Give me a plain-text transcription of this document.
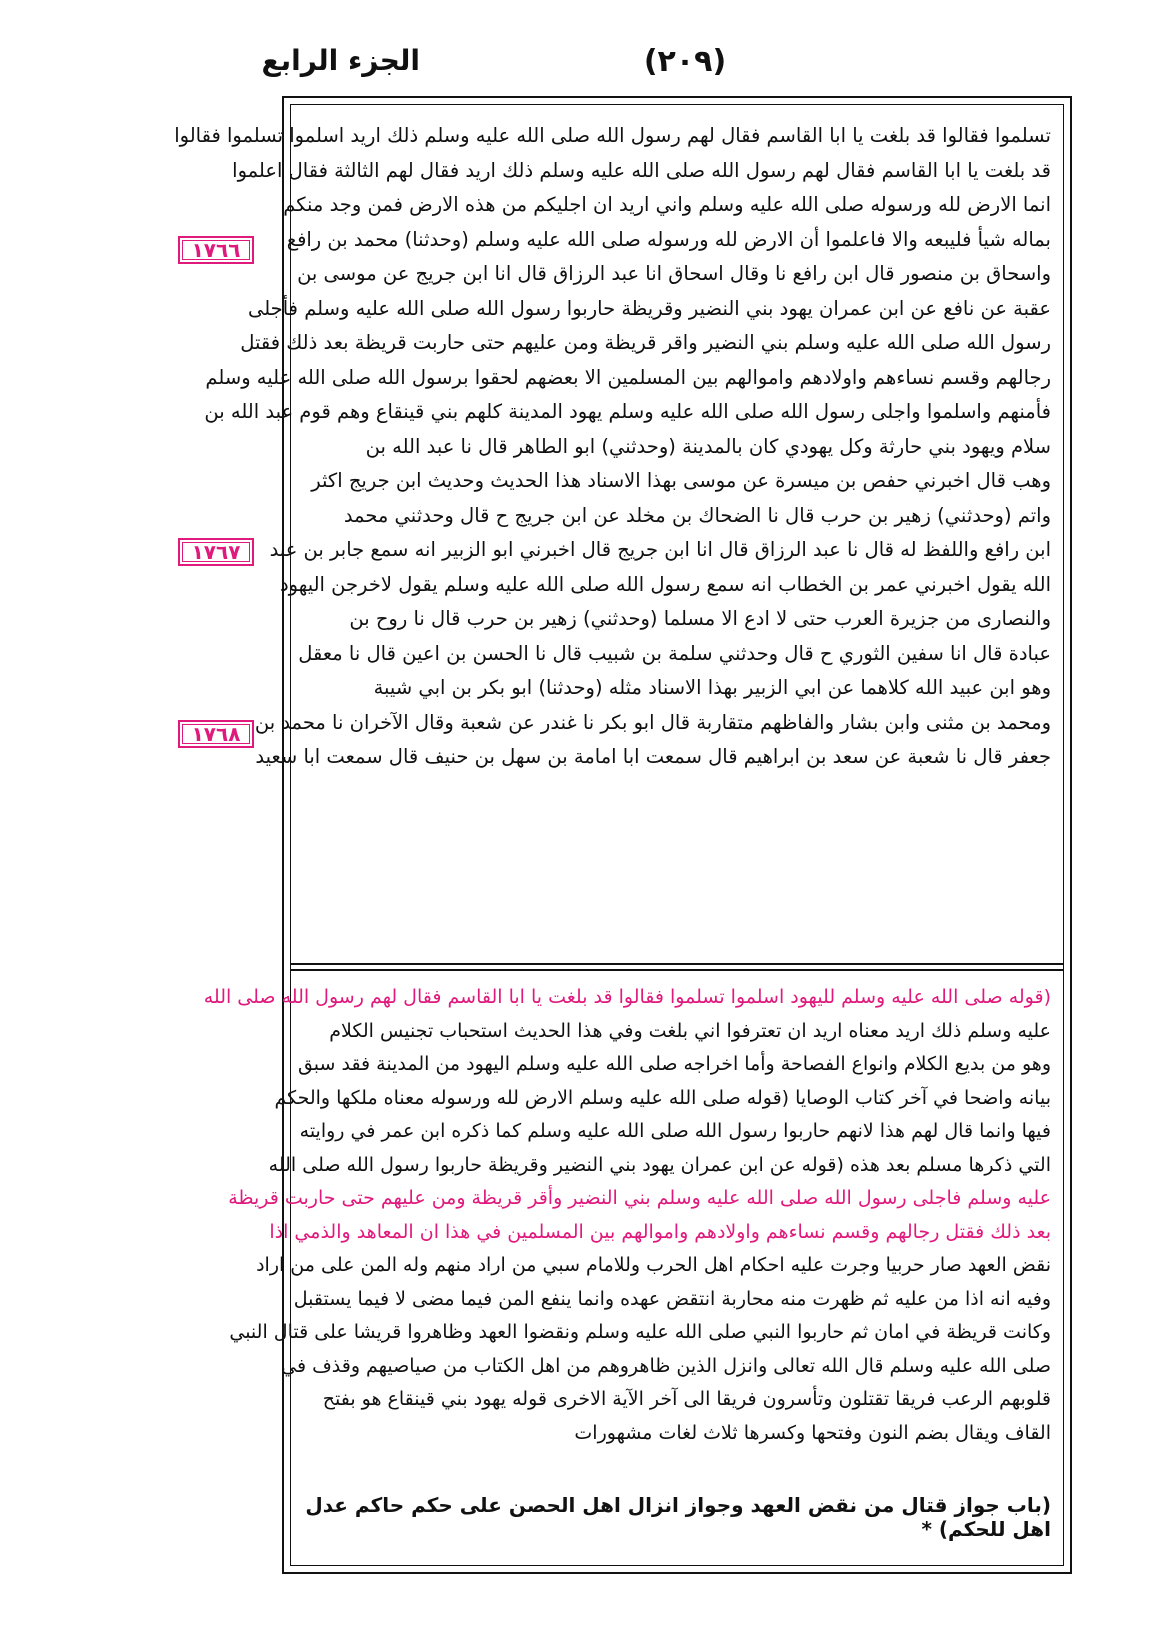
(٢٠٩)
الجزء الرابع
١٧٦٦
١٧٦٧
١٧٦٨
تسلموا فقالوا قد بلغت يا ابا القاسم فقال لهم رسول الله صلى الله عليه وسلم ذلك اريد اسلموا تسلموا فقالوا
قد بلغت يا ابا القاسم فقال لهم رسول الله صلى الله عليه وسلم ذلك اريد فقال لهم الثالثة فقال اعلموا
انما الارض لله ورسوله صلى الله عليه وسلم واني اريد ان اجليكم من هذه الارض فمن وجد منكم
بماله شيأ فليبعه والا فاعلموا أن الارض لله ورسوله صلى الله عليه وسلم (وحدثنا) محمد بن رافع
واسحاق بن منصور قال ابن رافع نا وقال اسحاق انا عبد الرزاق قال انا ابن جريج عن موسى بن
عقبة عن نافع عن ابن عمران يهود بني النضير وقريظة حاربوا رسول الله صلى الله عليه وسلم فأجلى
رسول الله صلى الله عليه وسلم بني النضير واقر قريظة ومن عليهم حتى حاربت قريظة بعد ذلك فقتل
رجالهم وقسم نساءهم واولادهم واموالهم بين المسلمين الا بعضهم لحقوا برسول الله صلى الله عليه وسلم
فأمنهم واسلموا واجلى رسول الله صلى الله عليه وسلم يهود المدينة كلهم بني قينقاع وهم قوم عبد الله بن
سلام ويهود بني حارثة وكل يهودي كان بالمدينة (وحدثني) ابو الطاهر قال نا عبد الله بن
وهب قال اخبرني حفص بن ميسرة عن موسى بهذا الاسناد هذا الحديث وحديث ابن جريج اكثر
واتم (وحدثني) زهير بن حرب قال نا الضحاك بن مخلد عن ابن جريج ح قال وحدثني محمد
ابن رافع واللفظ له قال نا عبد الرزاق قال انا ابن جريج قال اخبرني ابو الزبير انه سمع جابر بن عبد
الله يقول اخبرني عمر بن الخطاب انه سمع رسول الله صلى الله عليه وسلم يقول لاخرجن اليهود
والنصارى من جزيرة العرب حتى لا ادع الا مسلما (وحدثني) زهير بن حرب قال نا روح بن
عبادة قال انا سفين الثوري ح قال وحدثني سلمة بن شبيب قال نا الحسن بن اعين قال نا معقل
وهو ابن عبيد الله كلاهما عن ابي الزبير بهذا الاسناد مثله (وحدثنا) ابو بكر بن ابي شيبة
ومحمد بن مثنى وابن بشار والفاظهم متقاربة قال ابو بكر نا غندر عن شعبة وقال الآخران نا محمد بن
جعفر قال نا شعبة عن سعد بن ابراهيم قال سمعت ابا امامة بن سهل بن حنيف قال سمعت ابا سعيد
(قوله صلى الله عليه وسلم لليهود اسلموا تسلموا فقالوا قد بلغت يا ابا القاسم فقال لهم رسول الله صلى الله
عليه وسلم ذلك اريد معناه اريد ان تعترفوا اني بلغت وفي هذا الحديث استحباب تجنيس الكلام
وهو من بديع الكلام وانواع الفصاحة وأما اخراجه صلى الله عليه وسلم اليهود من المدينة فقد سبق
بيانه واضحا في آخر كتاب الوصايا (قوله صلى الله عليه وسلم الارض لله ورسوله معناه ملكها والحكم
فيها وانما قال لهم هذا لانهم حاربوا رسول الله صلى الله عليه وسلم كما ذكره ابن عمر في روايته
التي ذكرها مسلم بعد هذه (قوله عن ابن عمران يهود بني النضير وقريظة حاربوا رسول الله صلى الله
عليه وسلم فاجلى رسول الله صلى الله عليه وسلم بني النضير وأقر قريظة ومن عليهم حتى حاربت قريظة
بعد ذلك فقتل رجالهم وقسم نساءهم واولادهم واموالهم بين المسلمين في هذا ان المعاهد والذمي اذا
نقض العهد صار حربيا وجرت عليه احكام اهل الحرب وللامام سبي من اراد منهم وله المن على من اراد
وفيه انه اذا من عليه ثم ظهرت منه محاربة انتقض عهده وانما ينفع المن فيما مضى لا فيما يستقبل
وكانت قريظة في امان ثم حاربوا النبي صلى الله عليه وسلم ونقضوا العهد وظاهروا قريشا على قتال النبي
صلى الله عليه وسلم قال الله تعالى وانزل الذين ظاهروهم من اهل الكتاب من صياصيهم وقذف في
قلوبهم الرعب فريقا تقتلون وتأسرون فريقا الى آخر الآية الاخرى قوله يهود بني قينقاع هو بفتح
القاف ويقال بضم النون وفتحها وكسرها ثلاث لغات مشهورات
(باب جواز قتال من نقض العهد وجواز انزال اهل الحصن على حكم حاكم عدل اهل للحكم) *
